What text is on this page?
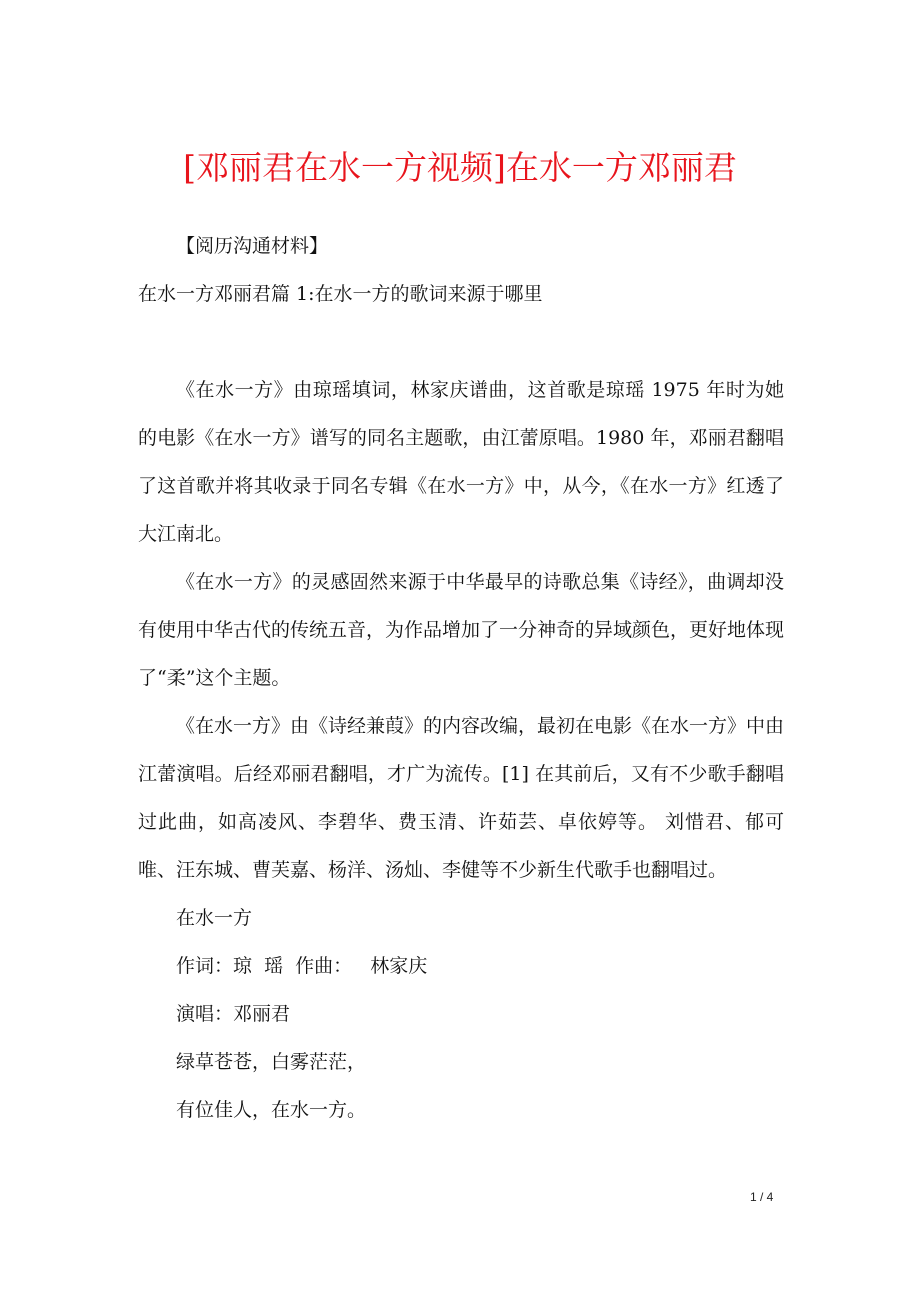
[邓丽君在水一方视频]在水一方邓丽君

【阅历沟通材料】

在水一方邓丽君篇 1:在水一方的歌词来源于哪里

《在水一方》由琼瑶填词，林家庆谱曲，这首歌是琼瑶 1975 年时为她的电影《在水一方》谱写的同名主题歌，由江蕾原唱。1980 年，邓丽君翻唱了这首歌并将其收录于同名专辑《在水一方》中，从今，《在水一方》红透了大江南北。

《在水一方》的灵感固然来源于中华最早的诗歌总集《诗经》，曲调却没有使用中华古代的传统五音，为作品增加了一分神奇的异域颜色，更好地体现了“柔”这个主题。

《在水一方》由《诗经兼葭》的内容改编，最初在电影《在水一方》中由江蕾演唱。后经邓丽君翻唱，才广为流传。[1] 在其前后，又有不少歌手翻唱过此曲，如高凌风、李碧华、费玉清、许茹芸、卓依婷等。 刘惜君、郁可唯、汪东城、曹芙嘉、杨洋、汤灿、李健等不少新生代歌手也翻唱过。

在水一方

作词：琼  瑶  作曲：   林家庆

演唱：邓丽君

绿草苍苍，白雾茫茫，

有位佳人，在水一方。

1 / 4
